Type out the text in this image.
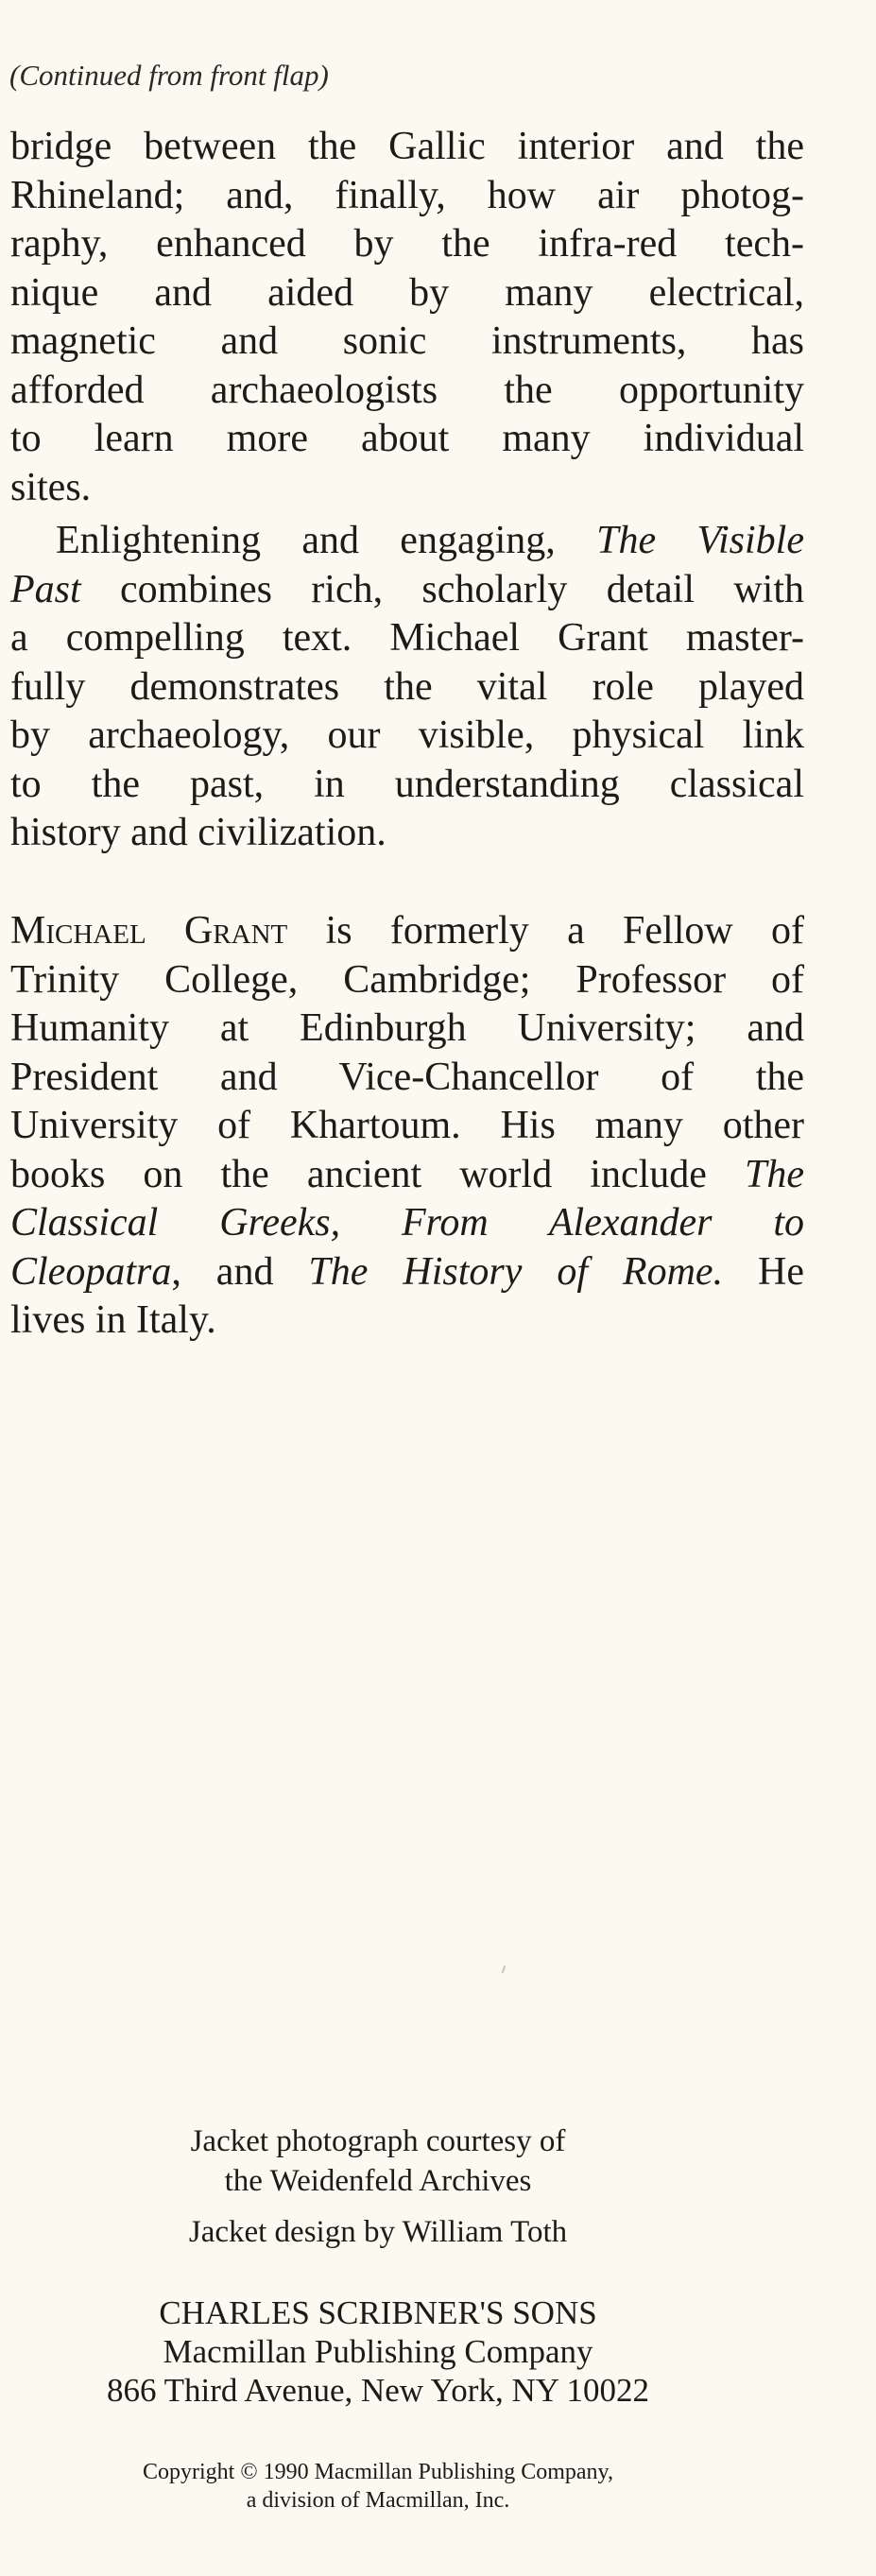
(Continued from front flap)
bridge between the Gallic interior and the
Rhineland; and, finally, how air photog-
raphy, enhanced by the infra-red tech-
nique and aided by many electrical,
magnetic and sonic instruments, has
afforded archaeologists the opportunity
to learn more about many individual
sites.
Enlightening and engaging, The Visible
Past combines rich, scholarly detail with
a compelling text. Michael Grant master-
fully demonstrates the vital role played
by archaeology, our visible, physical link
to the past, in understanding classical
history and civilization.
Michael Grant is formerly a Fellow of
Trinity College, Cambridge; Professor of
Humanity at Edinburgh University; and
President and Vice-Chancellor of the
University of Khartoum. His many other
books on the ancient world include The
Classical Greeks, From Alexander to
Cleopatra, and The History of Rome. He
lives in Italy.
Jacket photograph courtesy of
the Weidenfeld Archives
Jacket design by William Toth
CHARLES SCRIBNER'S SONS
Macmillan Publishing Company
866 Third Avenue, New York, NY 10022
Copyright © 1990 Macmillan Publishing Company,
a division of Macmillan, Inc.
